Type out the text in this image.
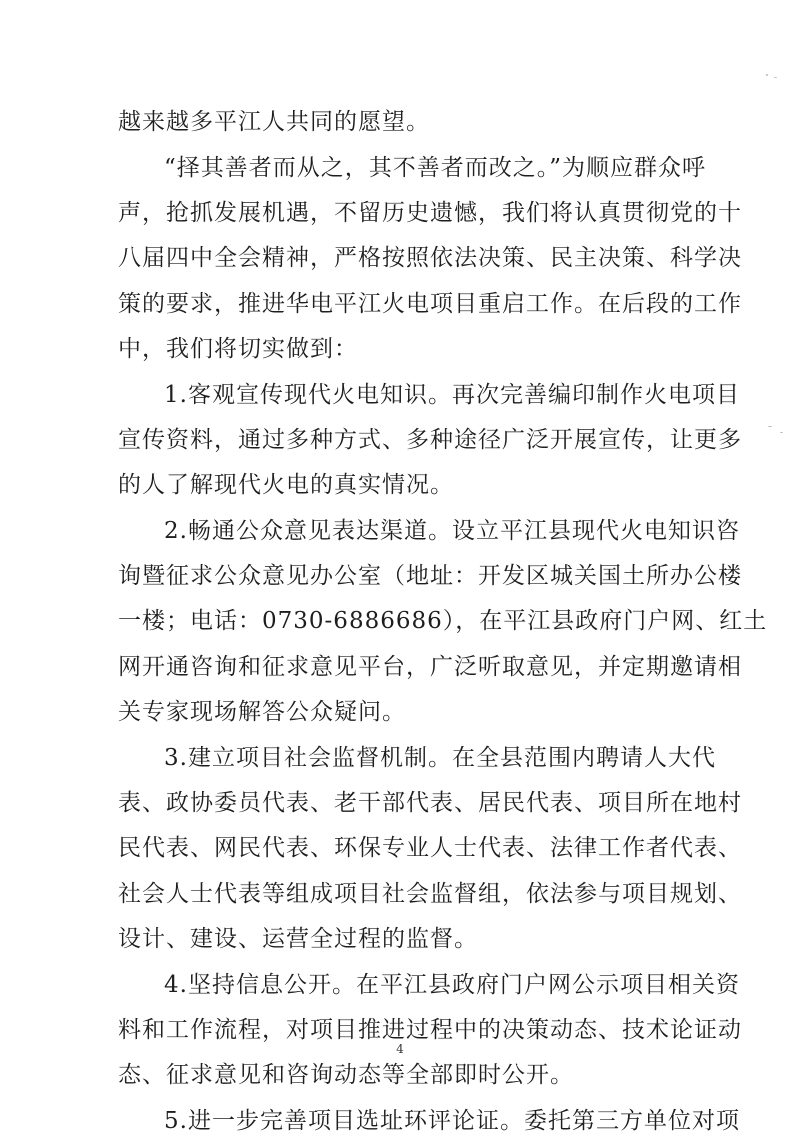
越来越多平江人共同的愿望。
“择其善者而从之，其不善者而改之。”为顺应群众呼
声，抢抓发展机遇，不留历史遗憾，我们将认真贯彻党的十
八届四中全会精神，严格按照依法决策、民主决策、科学决
策的要求，推进华电平江火电项目重启工作。在后段的工作
中，我们将切实做到：
1.客观宣传现代火电知识。再次完善编印制作火电项目
宣传资料，通过多种方式、多种途径广泛开展宣传，让更多
的人了解现代火电的真实情况。
2.畅通公众意见表达渠道。设立平江县现代火电知识咨
询暨征求公众意见办公室（地址：开发区城关国土所办公楼
一楼；电话：0730-6886686），在平江县政府门户网、红土
网开通咨询和征求意见平台，广泛听取意见，并定期邀请相
关专家现场解答公众疑问。
3.建立项目社会监督机制。在全县范围内聘请人大代
表、政协委员代表、老干部代表、居民代表、项目所在地村
民代表、网民代表、环保专业人士代表、法律工作者代表、
社会人士代表等组成项目社会监督组，依法参与项目规划、
设计、建设、运营全过程的监督。
4.坚持信息公开。在平江县政府门户网公示项目相关资
料和工作流程，对项目推进过程中的决策动态、技术论证动
态、征求意见和咨询动态等全部即时公开。
5.进一步完善项目选址环评论证。委托第三方单位对项
4
